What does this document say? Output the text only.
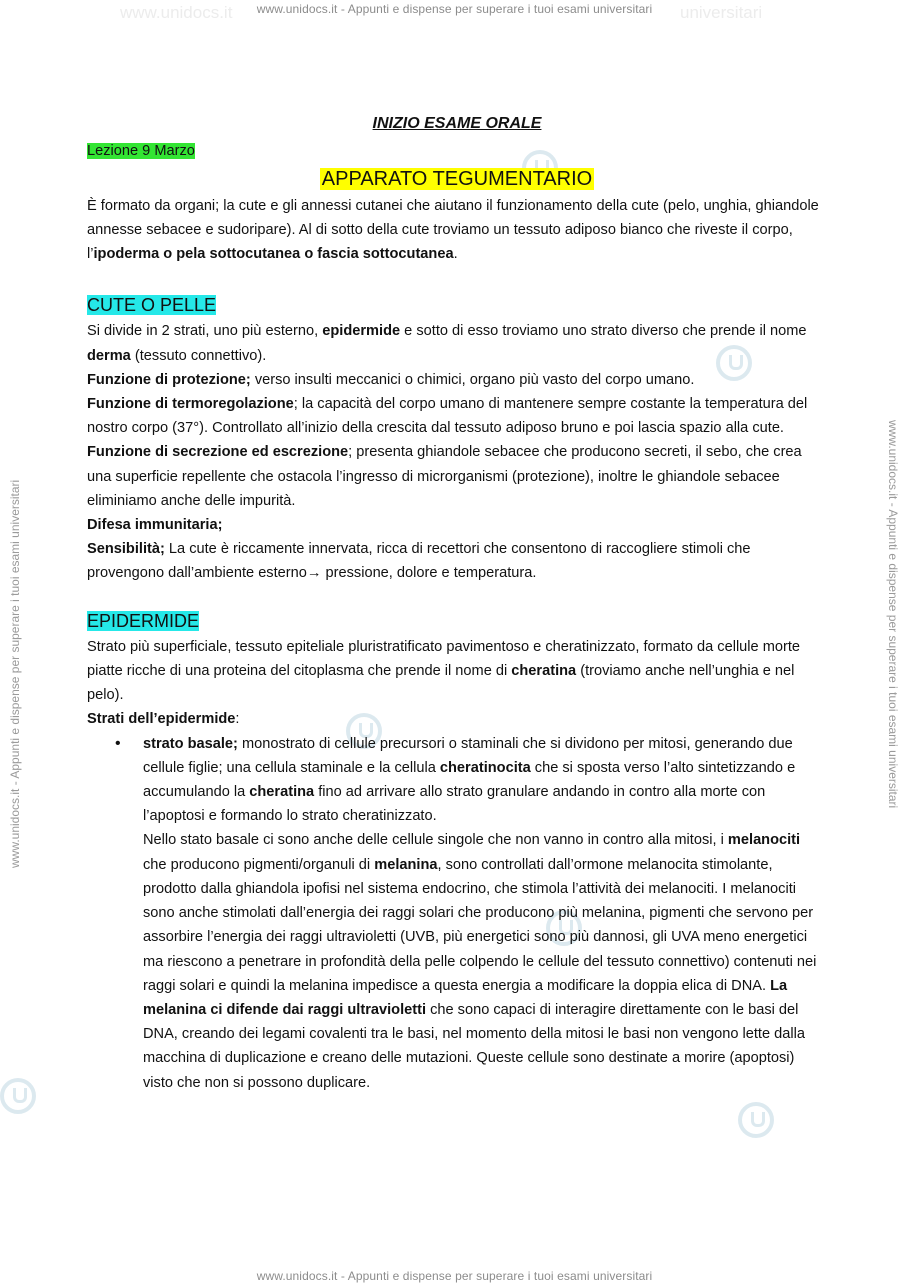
www.unidocs.it - Appunti e dispense per superare i tuoi esami universitari
www.unidocs.it - Appunti e dispense per superare i tuoi esami universitari
www.unidocs.it	universitari
www.unidocs.it - Appunti e dispense per superare i tuoi esami universitari	www.unidocs.it - Appunti e dispense per superare i tuoi esami universitari

INIZIO ESAME ORALE

Lezione 9 Marzo

APPARATO TEGUMENTARIO

È formato da organi; la cute e gli annessi cutanei che aiutano il funzionamento della cute (pelo, unghia, ghiandole annesse sebacee e sudoripare). Al di sotto della cute troviamo un tessuto adiposo bianco che riveste il corpo, l’ipoderma o pela sottocutanea o fascia sottocutanea.

CUTE O PELLE

Si divide in 2 strati, uno più esterno, epidermide e sotto di esso troviamo uno strato diverso che prende il nome derma (tessuto connettivo).

Funzione di protezione; verso insulti meccanici o chimici, organo più vasto del corpo umano.

Funzione di termoregolazione; la capacità del corpo umano di mantenere sempre costante la temperatura del nostro corpo (37°). Controllato all’inizio della crescita dal tessuto adiposo bruno e poi lascia spazio alla cute.

Funzione di secrezione ed escrezione; presenta ghiandole sebacee che producono secreti, il sebo, che crea una superficie repellente che ostacola l’ingresso di microrganismi (protezione), inoltre le ghiandole sebacee eliminiamo anche delle impurità.

Difesa immunitaria;

Sensibilità; La cute è riccamente innervata, ricca di recettori che consentono di raccogliere stimoli che provengono dall’ambiente esterno→ pressione, dolore e temperatura.

EPIDERMIDE

Strato più superficiale, tessuto epiteliale pluristratificato pavimentoso e cheratinizzato, formato da cellule morte piatte ricche di una proteina del citoplasma che prende il nome di cheratina (troviamo anche nell’unghia e nel pelo).

Strati dell’epidermide:

• strato basale; monostrato di cellule precursori o staminali che si dividono per mitosi, generando due cellule figlie; una cellula staminale e la cellula cheratinocita che si sposta verso l’alto sintetizzando e accumulando la cheratina fino ad arrivare allo strato granulare andando in contro alla morte con l’apoptosi e formando lo strato cheratinizzato.

Nello stato basale ci sono anche delle cellule singole che non vanno in contro alla mitosi, i melanociti che producono pigmenti/organuli di melanina, sono controllati dall’ormone melanocita stimolante, prodotto dalla ghiandola ipofisi nel sistema endocrino, che stimola l’attività dei melanociti. I melanociti sono anche stimolati dall’energia dei raggi solari che producono più melanina, pigmenti che servono per assorbire l’energia dei raggi ultravioletti (UVB, più energetici sono più dannosi, gli UVA meno energetici ma riescono a penetrare in profondità della pelle colpendo le cellule del tessuto connettivo) contenuti nei raggi solari e quindi la melanina impedisce a questa energia a modificare la doppia elica di DNA. La melanina ci difende dai raggi ultravioletti che sono capaci di interagire direttamente con le basi del DNA, creando dei legami covalenti tra le basi, nel momento della mitosi le basi non vengono lette dalla macchina di duplicazione e creano delle mutazioni. Queste cellule sono destinate a morire (apoptosi) visto che non si possono duplicare.
